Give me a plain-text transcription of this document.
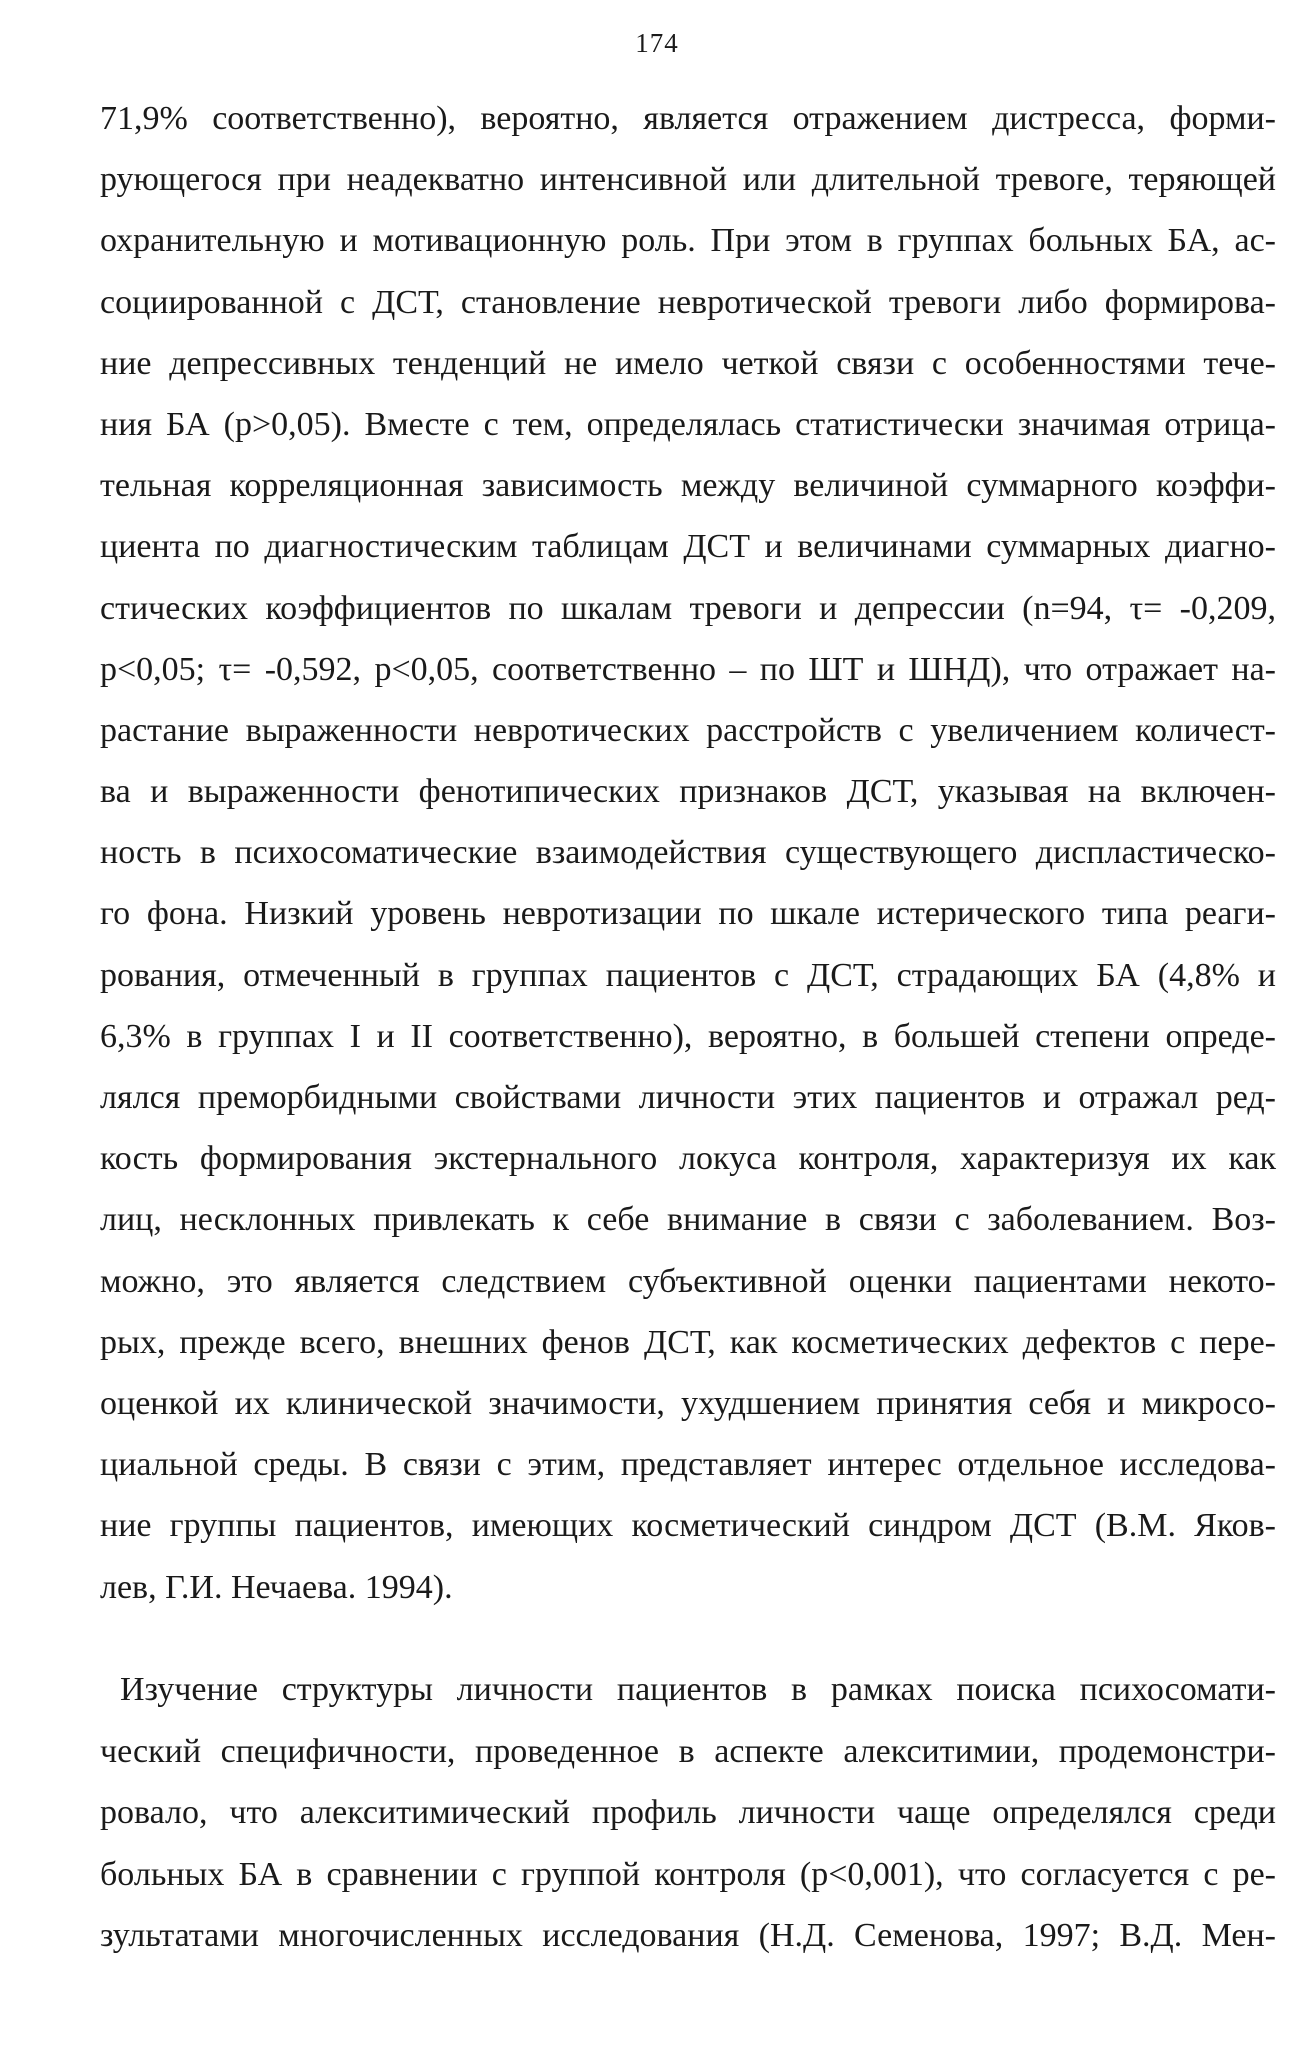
174
71,9% соответственно), вероятно, является отражением дистресса, форми-
рующегося при неадекватно интенсивной или длительной тревоге, теряющей
охранительную и мотивационную роль. При этом в группах больных БА, ас-
социированной с ДСТ, становление невротической тревоги либо формирова-
ние депрессивных тенденций не имело четкой связи с особенностями тече-
ния БА (р>0,05). Вместе с тем, определялась статистически значимая отрица-
тельная корреляционная зависимость между величиной суммарного коэффи-
циента по диагностическим таблицам ДСТ и величинами суммарных диагно-
стических коэффициентов по шкалам тревоги и депрессии (n=94, τ= -0,209,
p<0,05; τ= -0,592, p<0,05, соответственно – по ШТ и ШНД), что отражает на-
растание выраженности невротических расстройств с увеличением количест-
ва и выраженности фенотипических признаков ДСТ, указывая на включен-
ность в психосоматические взаимодействия существующего диспластическо-
го фона. Низкий уровень невротизации по шкале истерического типа реаги-
рования, отмеченный в группах пациентов с ДСТ, страдающих БА (4,8% и
6,3% в группах I и II соответственно), вероятно, в большей степени опреде-
лялся преморбидными свойствами личности этих пациентов и отражал ред-
кость формирования экстернального локуса контроля, характеризуя их как
лиц, несклонных привлекать к себе внимание в связи с заболеванием. Воз-
можно, это является следствием субъективной оценки пациентами некото-
рых, прежде всего, внешних фенов ДСТ, как косметических дефектов с пере-
оценкой их клинической значимости, ухудшением принятия себя и микросо-
циальной среды. В связи с этим, представляет интерес отдельное исследова-
ние группы пациентов, имеющих косметический синдром ДСТ (В.М. Яков-
лев, Г.И. Нечаева. 1994).
Изучение структуры личности пациентов в рамках поиска психосомати-
ческий специфичности, проведенное в аспекте алекситимии, продемонстри-
ровало, что алекситимический профиль личности чаще определялся среди
больных БА в сравнении с группой контроля (р<0,001), что согласуется с ре-
зультатами многочисленных исследования (Н.Д. Семенова, 1997; В.Д. Мен-
